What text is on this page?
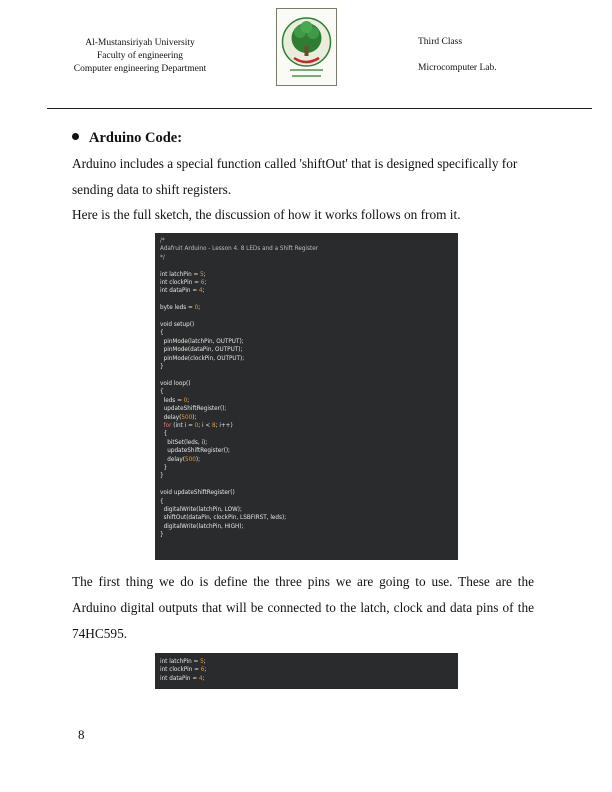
Al-Mustansiriyah University
Faculty of engineering
Computer engineering Department
Third Class
Microcomputer Lab.
Arduino Code:
Arduino includes a special function called 'shiftOut' that is designed specifically for sending data to shift registers.
Here is the full sketch, the discussion of how it works follows on from it.
/*
Adafruit Arduino - Lesson 4. 8 LEDs and a Shift Register
*/

int latchPin = 5;
int clockPin = 6;
int dataPin = 4;

byte leds = 0;

void setup()
{
pinMode(latchPin, OUTPUT);
pinMode(dataPin, OUTPUT);
pinMode(clockPin, OUTPUT);
}

void loop()
{
leds = 0;
updateShiftRegister();
delay(500);
for (int i = 0; i < 8; i++)
{
bitSet(leds, i);
updateShiftRegister();
delay(500);
}
}

void updateShiftRegister()
{
digitalWrite(latchPin, LOW);
shiftOut(dataPin, clockPin, LSBFIRST, leds);
digitalWrite(latchPin, HIGH);
}
The first thing we do is define the three pins we are going to use. These are the Arduino digital outputs that will be connected to the latch, clock and data pins of the 74HC595.
int latchPin = 5;
int clockPin = 6;
int dataPin = 4;
8
